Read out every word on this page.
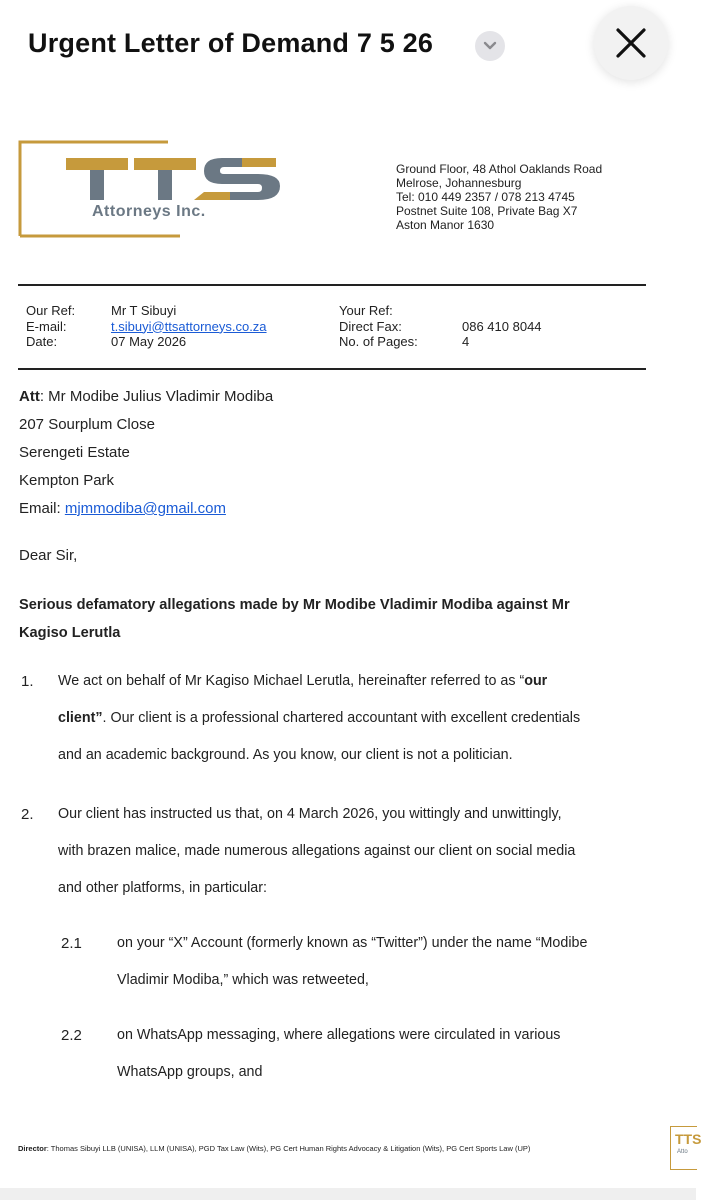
Urgent Letter of Demand 7 5 26
Attorneys Inc.
Ground Floor, 48 Athol Oaklands Road
Melrose, Johannesburg
Tel: 010 449 2357 / 078 213 4745
Postnet Suite 108, Private Bag X7
Aston Manor 1630
Our Ref:
E-mail:
Date:
Mr T Sibuyi
t.sibuyi@ttsattorneys.co.za
07 May 2026
Your Ref:
Direct Fax:
No. of Pages:
086 410 8044
4
Att: Mr Modibe Julius Vladimir Modiba
207 Sourplum Close
Serengeti Estate
Kempton Park
Email: mjmmodiba@gmail.com
Dear Sir,
Serious defamatory allegations made by Mr Modibe Vladimir Modiba against Mr
Kagiso Lerutla
1. We act on behalf of Mr Kagiso Michael Lerutla, hereinafter referred to as “our
client”. Our client is a professional chartered accountant with excellent credentials
and an academic background. As you know, our client is not a politician.
2. Our client has instructed us that, on 4 March 2026, you wittingly and unwittingly,
with brazen malice, made numerous allegations against our client on social media
and other platforms, in particular:
2.1 on your “X” Account (formerly known as “Twitter”) under the name “Modibe
Vladimir Modiba,” which was retweeted,
2.2 on WhatsApp messaging, where allegations were circulated in various
WhatsApp groups, and
Director: Thomas Sibuyi LLB (UNISA), LLM (UNISA), PGD Tax Law (Wits), PG Cert Human Rights Advocacy & Litigation (Wits), PG Cert Sports Law (UP)
TTS
Atto
